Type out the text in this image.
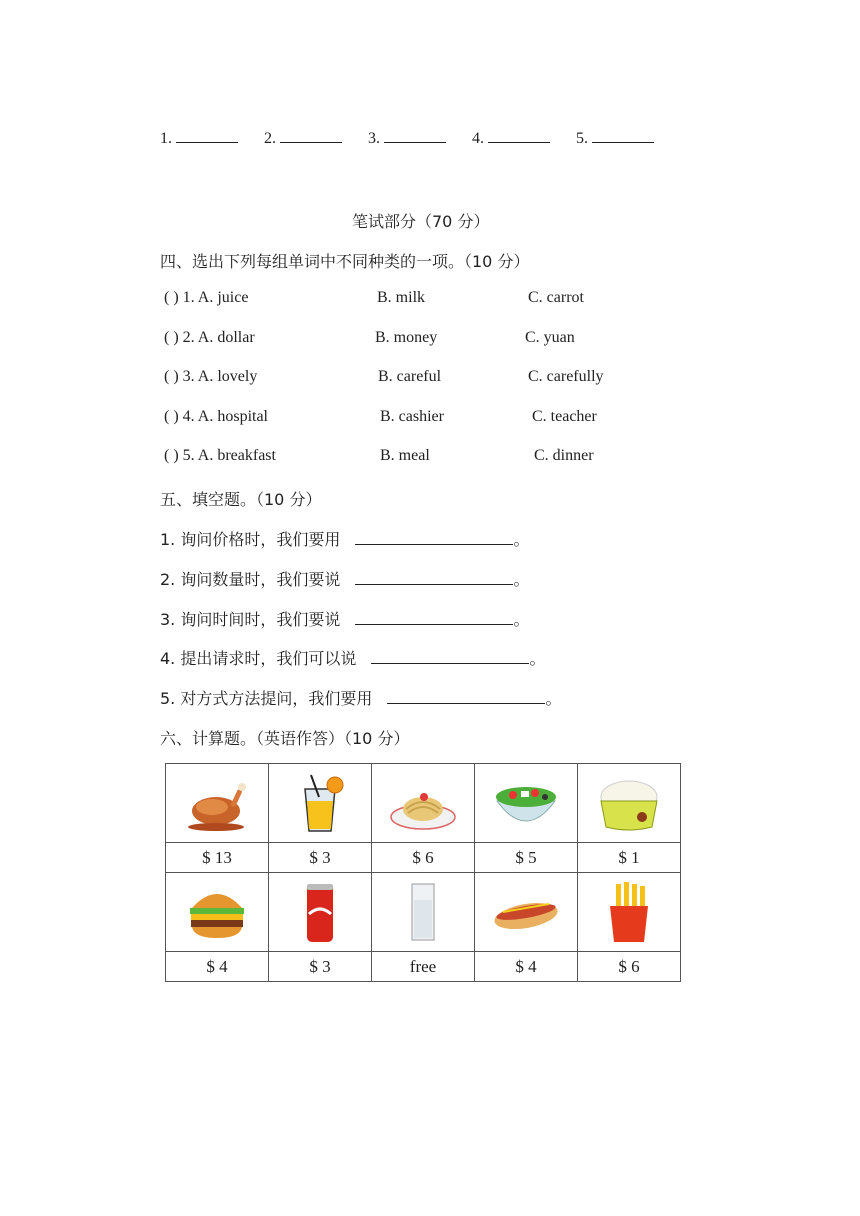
1.	2.	3.	4.	5.
笔试部分（70 分）
四、选出下列每组单词中不同种类的一项。（10 分）
( ) 1. A. juice	B. milk	C. carrot
( ) 2. A. dollar	B. money	C. yuan
( ) 3. A. lovely	B. careful	C. carefully
( ) 4. A. hospital	B. cashier	C. teacher
( ) 5. A. breakfast	B. meal	C. dinner
五、填空题。（10 分）
1. 询问价格时，我们要用	。
2. 询问数量时，我们要说	。
3. 询问时间时，我们要说	。
4. 提出请求时，我们可以说	。
5. 对方式方法提问，我们要用	。
六、计算题。（英语作答）（10 分）

$ 13	$ 3	$ 6	$ 5	$ 1

$ 4	$ 3	free	$ 4	$ 6
